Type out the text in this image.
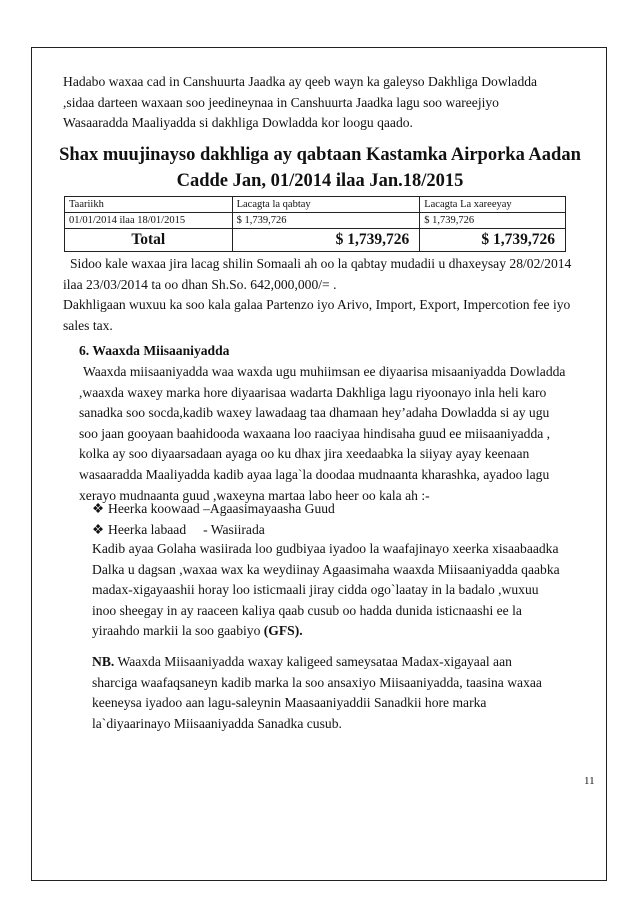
Hadabo waxaa cad in Canshuurta Jaadka ay qeeb wayn ka galeyso Dakhliga Dowladda
,sidaa darteen waxaan soo jeedineynaa in Canshuurta Jaadka lagu soo wareejiyo
Wasaaradda Maaliyadda si dakhliga Dowladda kor loogu qaado.
Shax muujinayso dakhliga ay qabtaan Kastamka Airporka Aadan
Cadde Jan, 01/2014 ilaa Jan.18/2015
Taariikh	Lacagta la qabtay	Lacagta La xareeyay
01/01/2014 ilaa 18/01/2015	$ 1,739,726	$ 1,739,726
Total	$ 1,739,726	$ 1,739,726
Sidoo kale waxaa jira lacag shilin Somaali ah oo la qabtay mudadii u dhaxeysay 28/02/2014
ilaa 23/03/2014 ta oo dhan Sh.So. 642,000,000/= .
Dakhligaan wuxuu ka soo kala galaa Partenzo iyo Arivo, Import, Export, Impercotion fee iyo
sales tax.
6. Waaxda Miisaaniyadda
Waaxda miisaaniyadda waa waxda ugu muhiimsan ee diyaarisa misaaniyadda Dowladda
,waaxda waxey marka hore diyaarisaa wadarta Dakhliga lagu riyoonayo inla heli karo
sanadka soo socda,kadib waxey lawadaag taa dhamaan hey’adaha Dowladda si ay ugu
soo jaan gooyaan baahidooda waxaana loo raaciyaa hindisaha guud ee miisaaniyadda ,
kolka ay soo diyaarsadaan ayaga oo ku dhax jira xeedaabka la siiyay ayay keenaan
wasaaradda Maaliyadda kadib ayaa laga`la doodaa mudnaanta kharashka, ayadoo lagu
xerayo mudnaanta guud ,waxeyna martaa labo heer oo kala ah :-
❖ Heerka koowaad –Agaasimayaasha Guud
❖ Heerka labaad     - Wasiirada
Kadib ayaa Golaha wasiirada loo gudbiyaa iyadoo la waafajinayo xeerka xisaabaadka
Dalka u dagsan ,waxaa wax ka weydiinay Agaasimaha waaxda Miisaaniyadda qaabka
madax-xigayaashii horay loo isticmaali jiray cidda ogo`laatay in la badalo ,wuxuu
inoo sheegay in ay raaceen kaliya qaab cusub oo hadda dunida isticnaashi ee la
yiraahdo markii la soo gaabiyo (GFS).
NB. Waaxda Miisaaniyadda waxay kaligeed sameysataa Madax-xigayaal aan
sharciga waafaqsaneyn kadib marka la soo ansaxiyo Miisaaniyadda, taasina waxaa
keeneysa iyadoo aan lagu-saleynin Maasaaniyaddii Sanadkii hore marka
la`diyaarinayo Miisaaniyadda Sanadka cusub.
11
